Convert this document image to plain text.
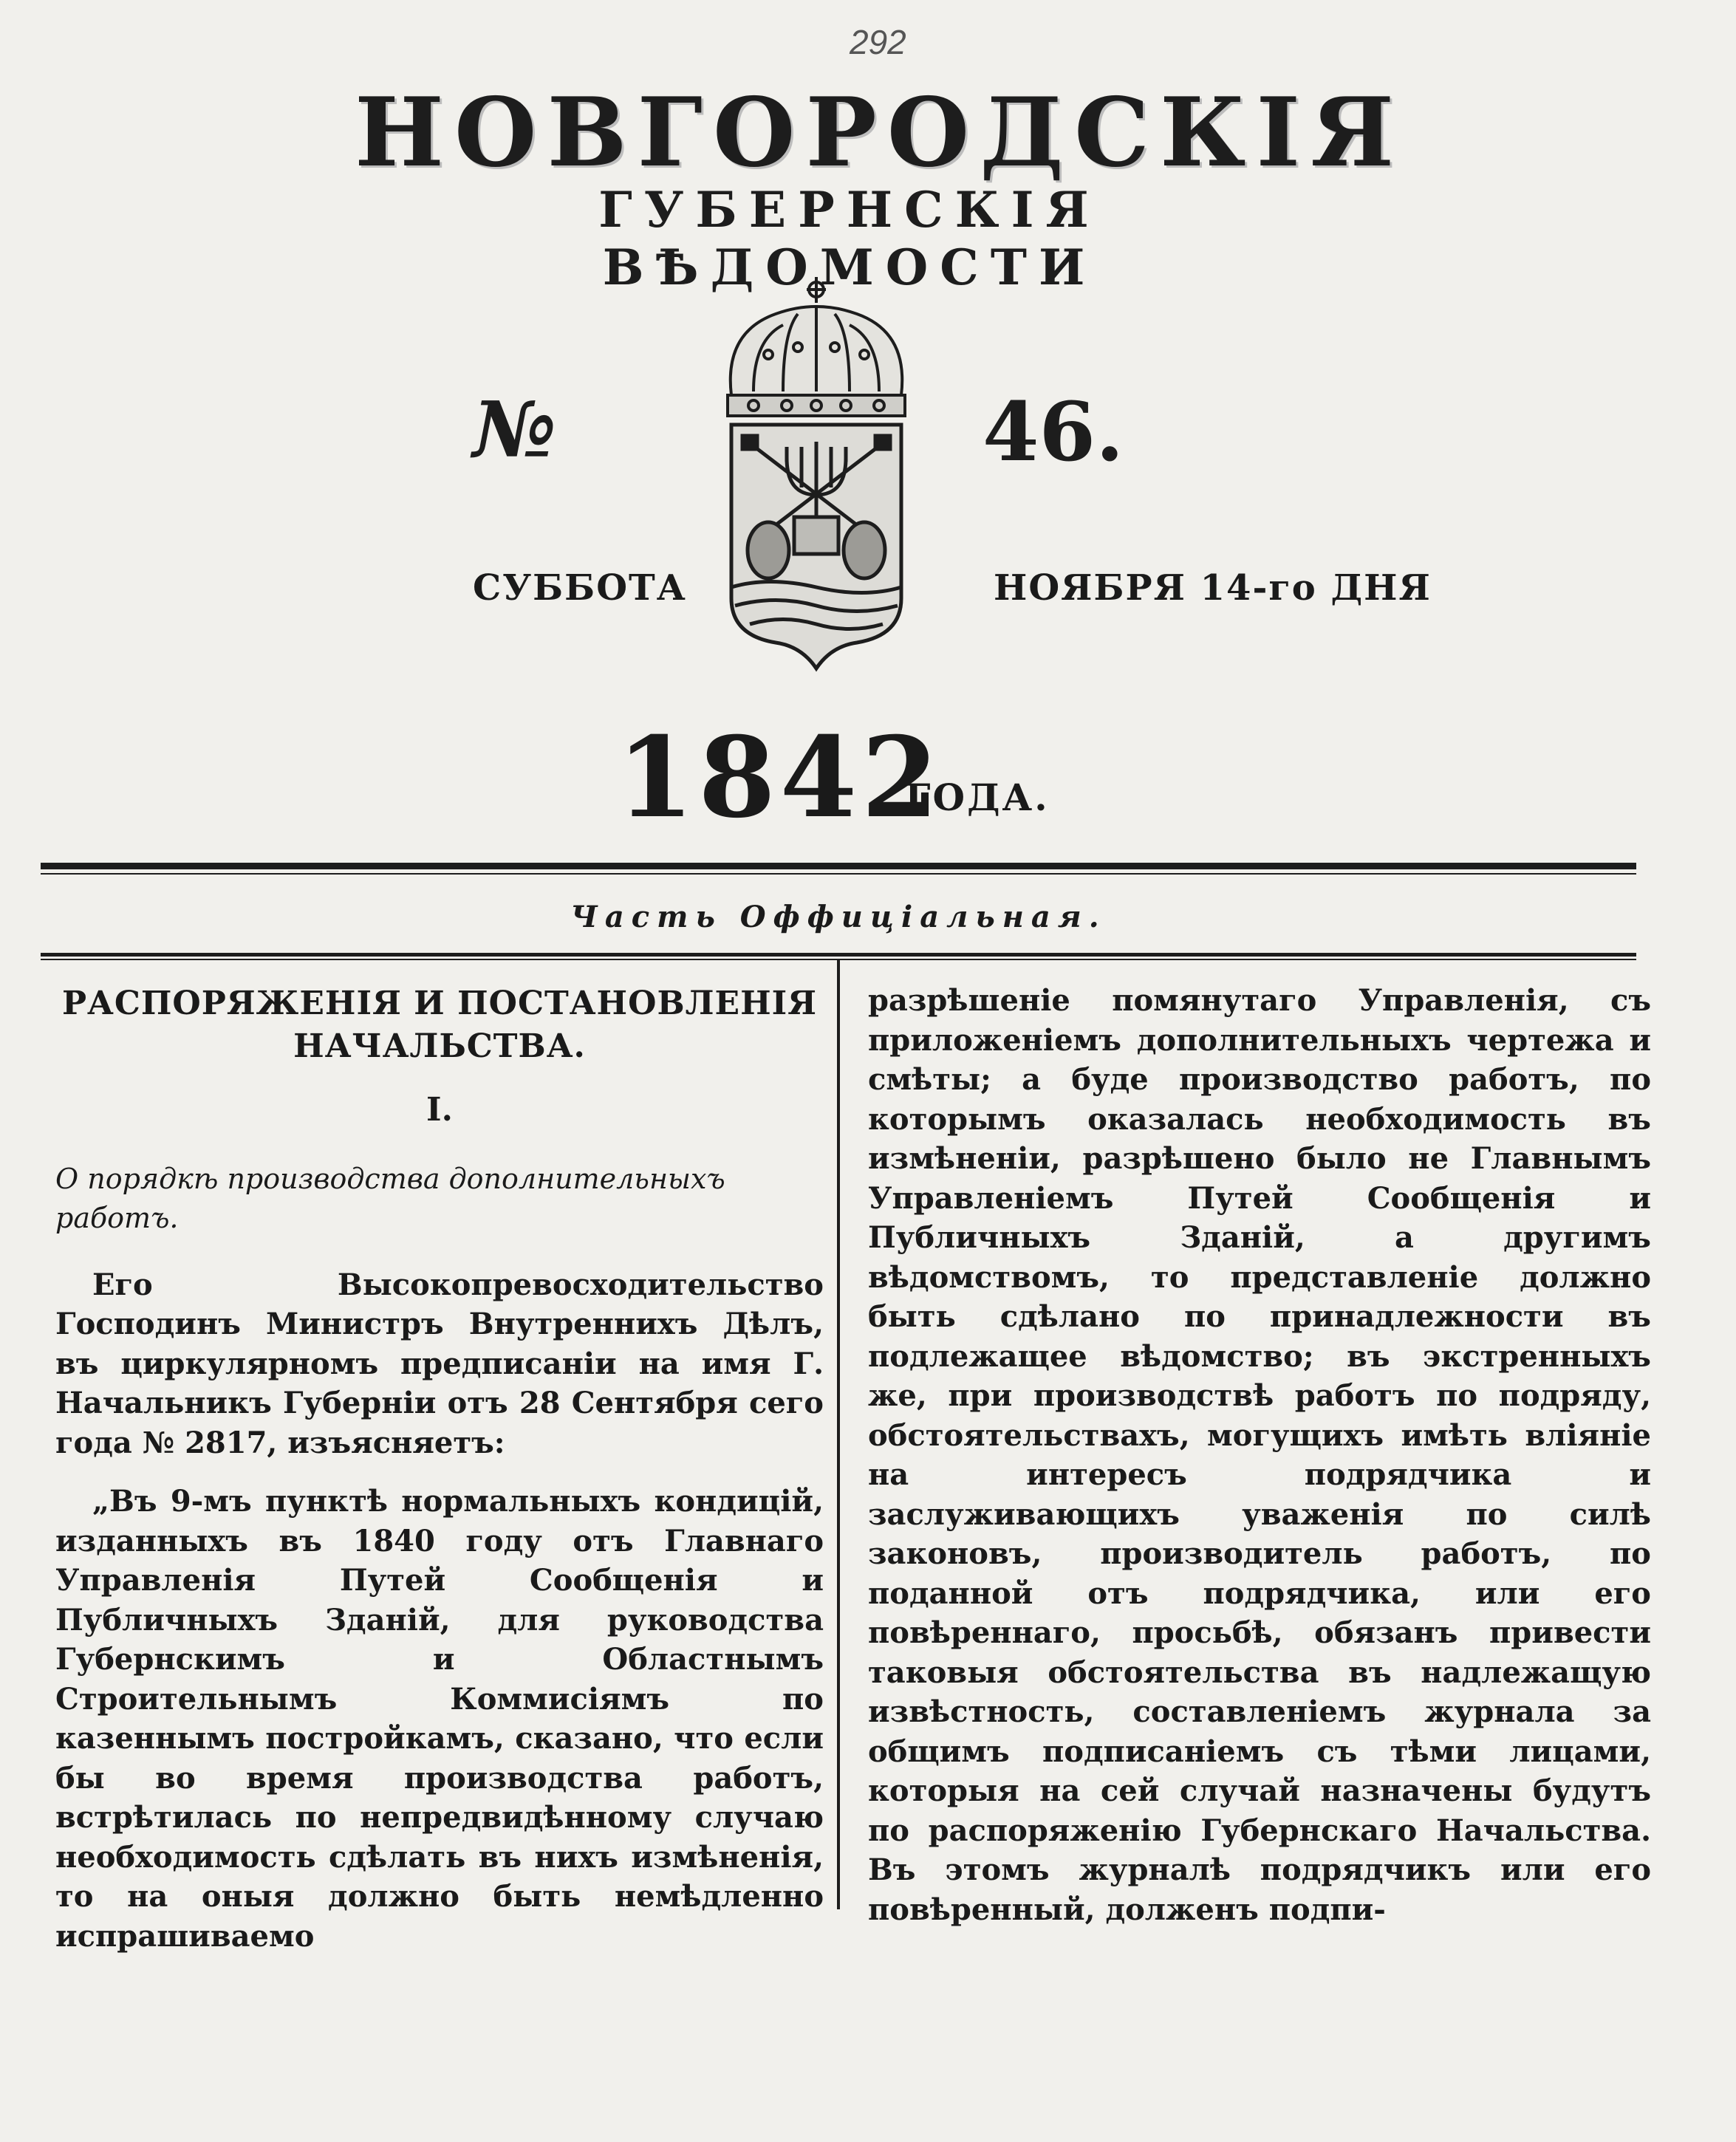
292
НОВГОРОДСКІЯ
ГУБЕРНСКІЯ ВѢДОМОСТИ
№	46.
СУББОТА	НОЯБРЯ 14-го ДНЯ
1842
ГОДА.
Часть Оффиціальная.
РАСПОРЯЖЕНІЯ И ПОСТАНОВЛЕНІЯ НАЧАЛЬСТВА.
I.
О порядкѣ производства дополнительныхъ работъ.

Его Высокопревосходительство Господинъ Министръ Внутреннихъ Дѣлъ, въ циркулярномъ предписаніи на имя Г. Начальникъ Губерніи отъ 28 Сентября сего года № 2817, изъясняетъ:

„Въ 9-мъ пунктѣ нормальныхъ кондицій, изданныхъ въ 1840 году отъ Главнаго Управленія Путей Сообщенія и Публичныхъ Зданій, для руководства Губернскимъ и Областнымъ Строительнымъ Коммисіямъ по казеннымъ постройкамъ, сказано, что если бы во время производства работъ, встрѣтилась по непредвидѣнному случаю необходимость сдѣлать въ нихъ измѣненія, то на оныя должно быть немѣдленно испрашиваемо

разрѣшеніе помянутаго Управленія, съ приложеніемъ дополнительныхъ чертежа и смѣты; а буде производство работъ, по которымъ оказалась необходимость въ измѣненіи, разрѣшено было не Главнымъ Управленіемъ Путей Сообщенія и Публичныхъ Зданій, а другимъ вѣдомствомъ, то представленіе должно быть сдѣлано по принадлежности въ подлежащее вѣдомство; въ экстренныхъ же, при производствѣ работъ по подряду, обстоятельствахъ, могущихъ имѣть вліяніе на интересъ подрядчика и заслуживающихъ уваженія по силѣ законовъ, производитель работъ, по поданной отъ подрядчика, или его повѣреннаго, просьбѣ, обязанъ привести таковыя обстоятельства въ надлежащую извѣстность, составленіемъ журнала за общимъ подписаніемъ съ тѣми лицами, которыя на сей случай назначены будутъ по распоряженію Губернскаго Начальства. Въ этомъ журналѣ подрядчикъ или его повѣренный, долженъ подпи-
